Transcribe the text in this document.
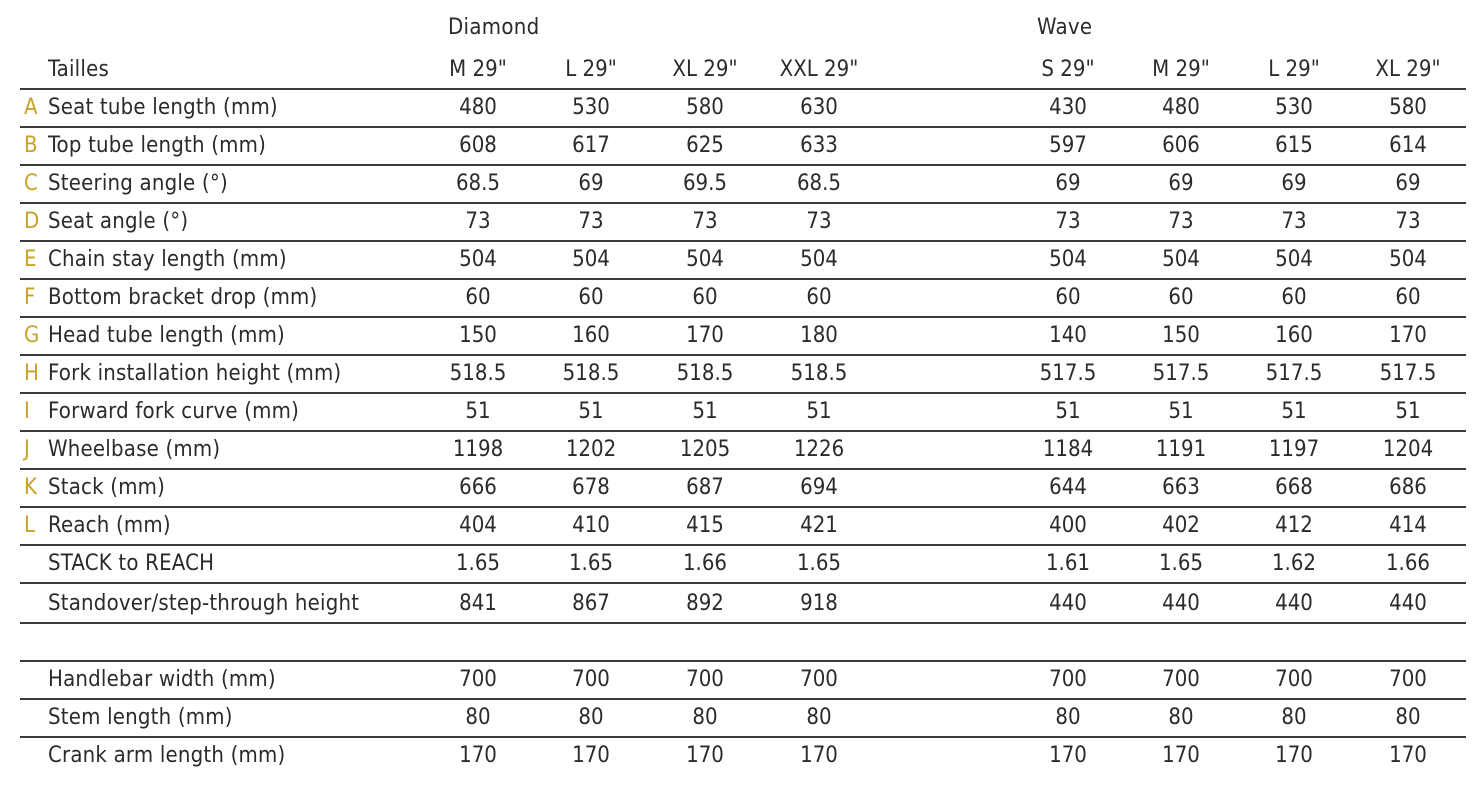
Diamond	Wave
Tailles	M 29"	L 29"	XL 29"	XXL 29"	S 29"	M 29"	L 29"	XL 29"
A Seat tube length (mm)	480	530	580	630	430	480	530	580
B Top tube length (mm)	608	617	625	633	597	606	615	614
C Steering angle (°)	68.5	69	69.5	68.5	69	69	69	69
D Seat angle (°)	73	73	73	73	73	73	73	73
E Chain stay length (mm)	504	504	504	504	504	504	504	504
F Bottom bracket drop (mm)	60	60	60	60	60	60	60	60
G Head tube length (mm)	150	160	170	180	140	150	160	170
H Fork installation height (mm)	518.5	518.5	518.5	518.5	517.5	517.5	517.5	517.5
I Forward fork curve (mm)	51	51	51	51	51	51	51	51
J Wheelbase (mm)	1198	1202	1205	1226	1184	1191	1197	1204
K Stack (mm)	666	678	687	694	644	663	668	686
L Reach (mm)	404	410	415	421	400	402	412	414
STACK to REACH	1.65	1.65	1.66	1.65	1.61	1.65	1.62	1.66
Standover/step-through height	841	867	892	918	440	440	440	440
Handlebar width (mm)	700	700	700	700	700	700	700	700
Stem length (mm)	80	80	80	80	80	80	80	80
Crank arm length (mm)	170	170	170	170	170	170	170	170
